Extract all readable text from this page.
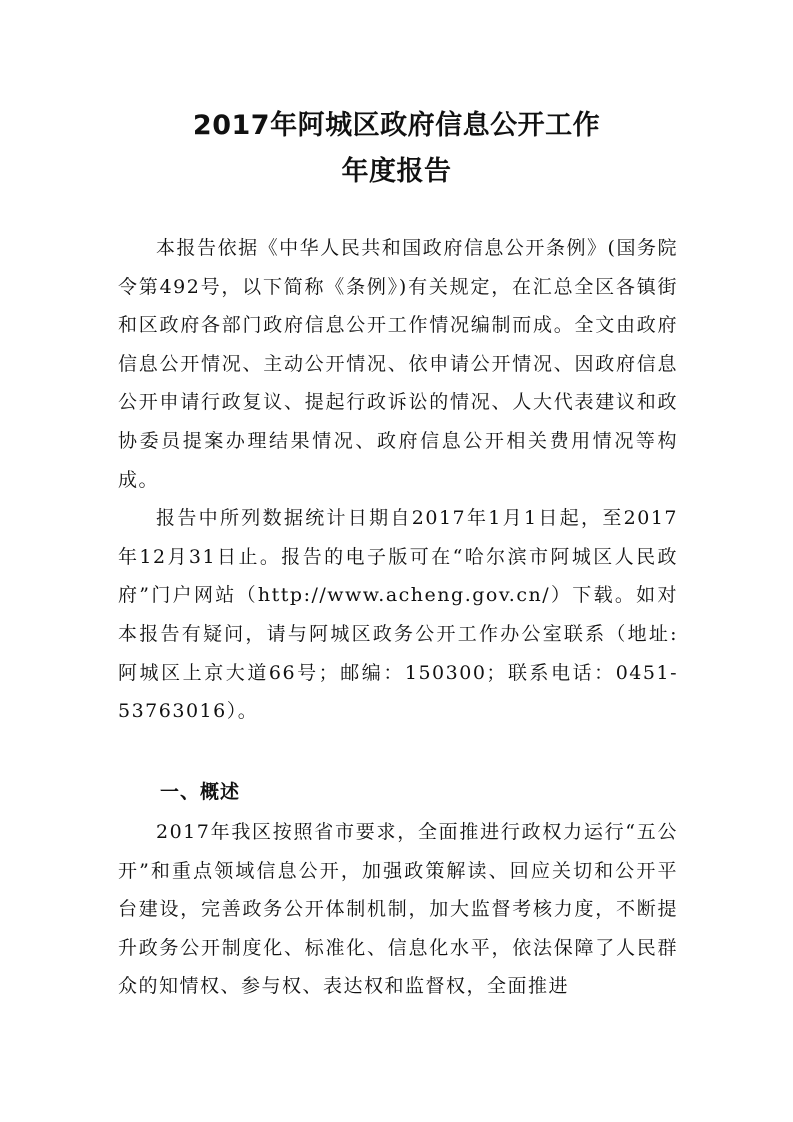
2017年阿城区政府信息公开工作
年度报告

本报告依据《中华人民共和国政府信息公开条例》(国务院令第492号，以下简称《条例》)有关规定，在汇总全区各镇街和区政府各部门政府信息公开工作情况编制而成。全文由政府信息公开情况、主动公开情况、依申请公开情况、因政府信息公开申请行政复议、提起行政诉讼的情况、人大代表建议和政协委员提案办理结果情况、政府信息公开相关费用情况等构成。

报告中所列数据统计日期自2017年1月1日起，至2017年12月31日止。报告的电子版可在“哈尔滨市阿城区人民政府”门户网站（http://www.acheng.gov.cn/）下载。如对本报告有疑问，请与阿城区政务公开工作办公室联系（地址:阿城区上京大道66号；邮编：150300；联系电话：0451-53763016）。

一、概述

2017年我区按照省市要求，全面推进行政权力运行“五公开”和重点领域信息公开，加强政策解读、回应关切和公开平台建设，完善政务公开体制机制，加大监督考核力度，不断提升政务公开制度化、标准化、信息化水平，依法保障了人民群众的知情权、参与权、表达权和监督权，全面推进
